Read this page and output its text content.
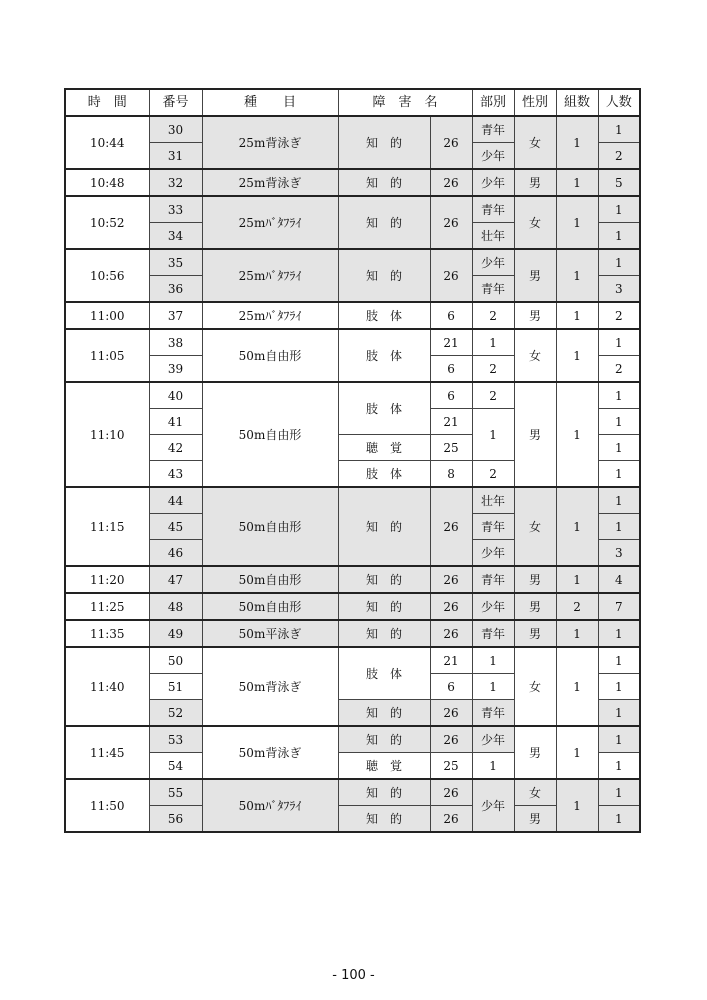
時　間	番号	種　　目	障　害　名		部別	性別	組数	人数
10:44	30	25m背泳ぎ	知　的	26	青年	女	1	1
	31				少年			2
10:48	32	25m背泳ぎ	知　的	26	少年	男	1	5
10:52	33	25mﾊﾞﾀﾌﾗｲ	知　的	26	青年	女	1	1
	34				壮年			1
10:56	35	25mﾊﾞﾀﾌﾗｲ	知　的	26	少年	男	1	1
	36				青年			3
11:00	37	25mﾊﾞﾀﾌﾗｲ	肢　体	6	2	男	1	2
11:05	38	50m自由形	肢　体	21	1	女	1	1
	39			6	2			2
11:10	40	50m自由形	肢　体	6	2	男	1	1
	41			21	1			1
	42		聴　覚	25				1
	43		肢　体	8	2			1
11:15	44	50m自由形	知　的	26	壮年	女	1	1
	45				青年			1
	46				少年			3
11:20	47	50m自由形	知　的	26	青年	男	1	4
11:25	48	50m自由形	知　的	26	少年	男	2	7
11:35	49	50m平泳ぎ	知　的	26	青年	男	1	1
11:40	50	50m背泳ぎ	肢　体	21	1	女	1	1
	51			6	1			1
	52		知　的	26	青年			1
11:45	53	50m背泳ぎ	知　的	26	少年	男	1	1
	54		聴　覚	25	1			1
11:50	55	50mﾊﾞﾀﾌﾗｲ	知　的	26	少年	女	1	1
	56		知　的	26		男		1
- 100 -
